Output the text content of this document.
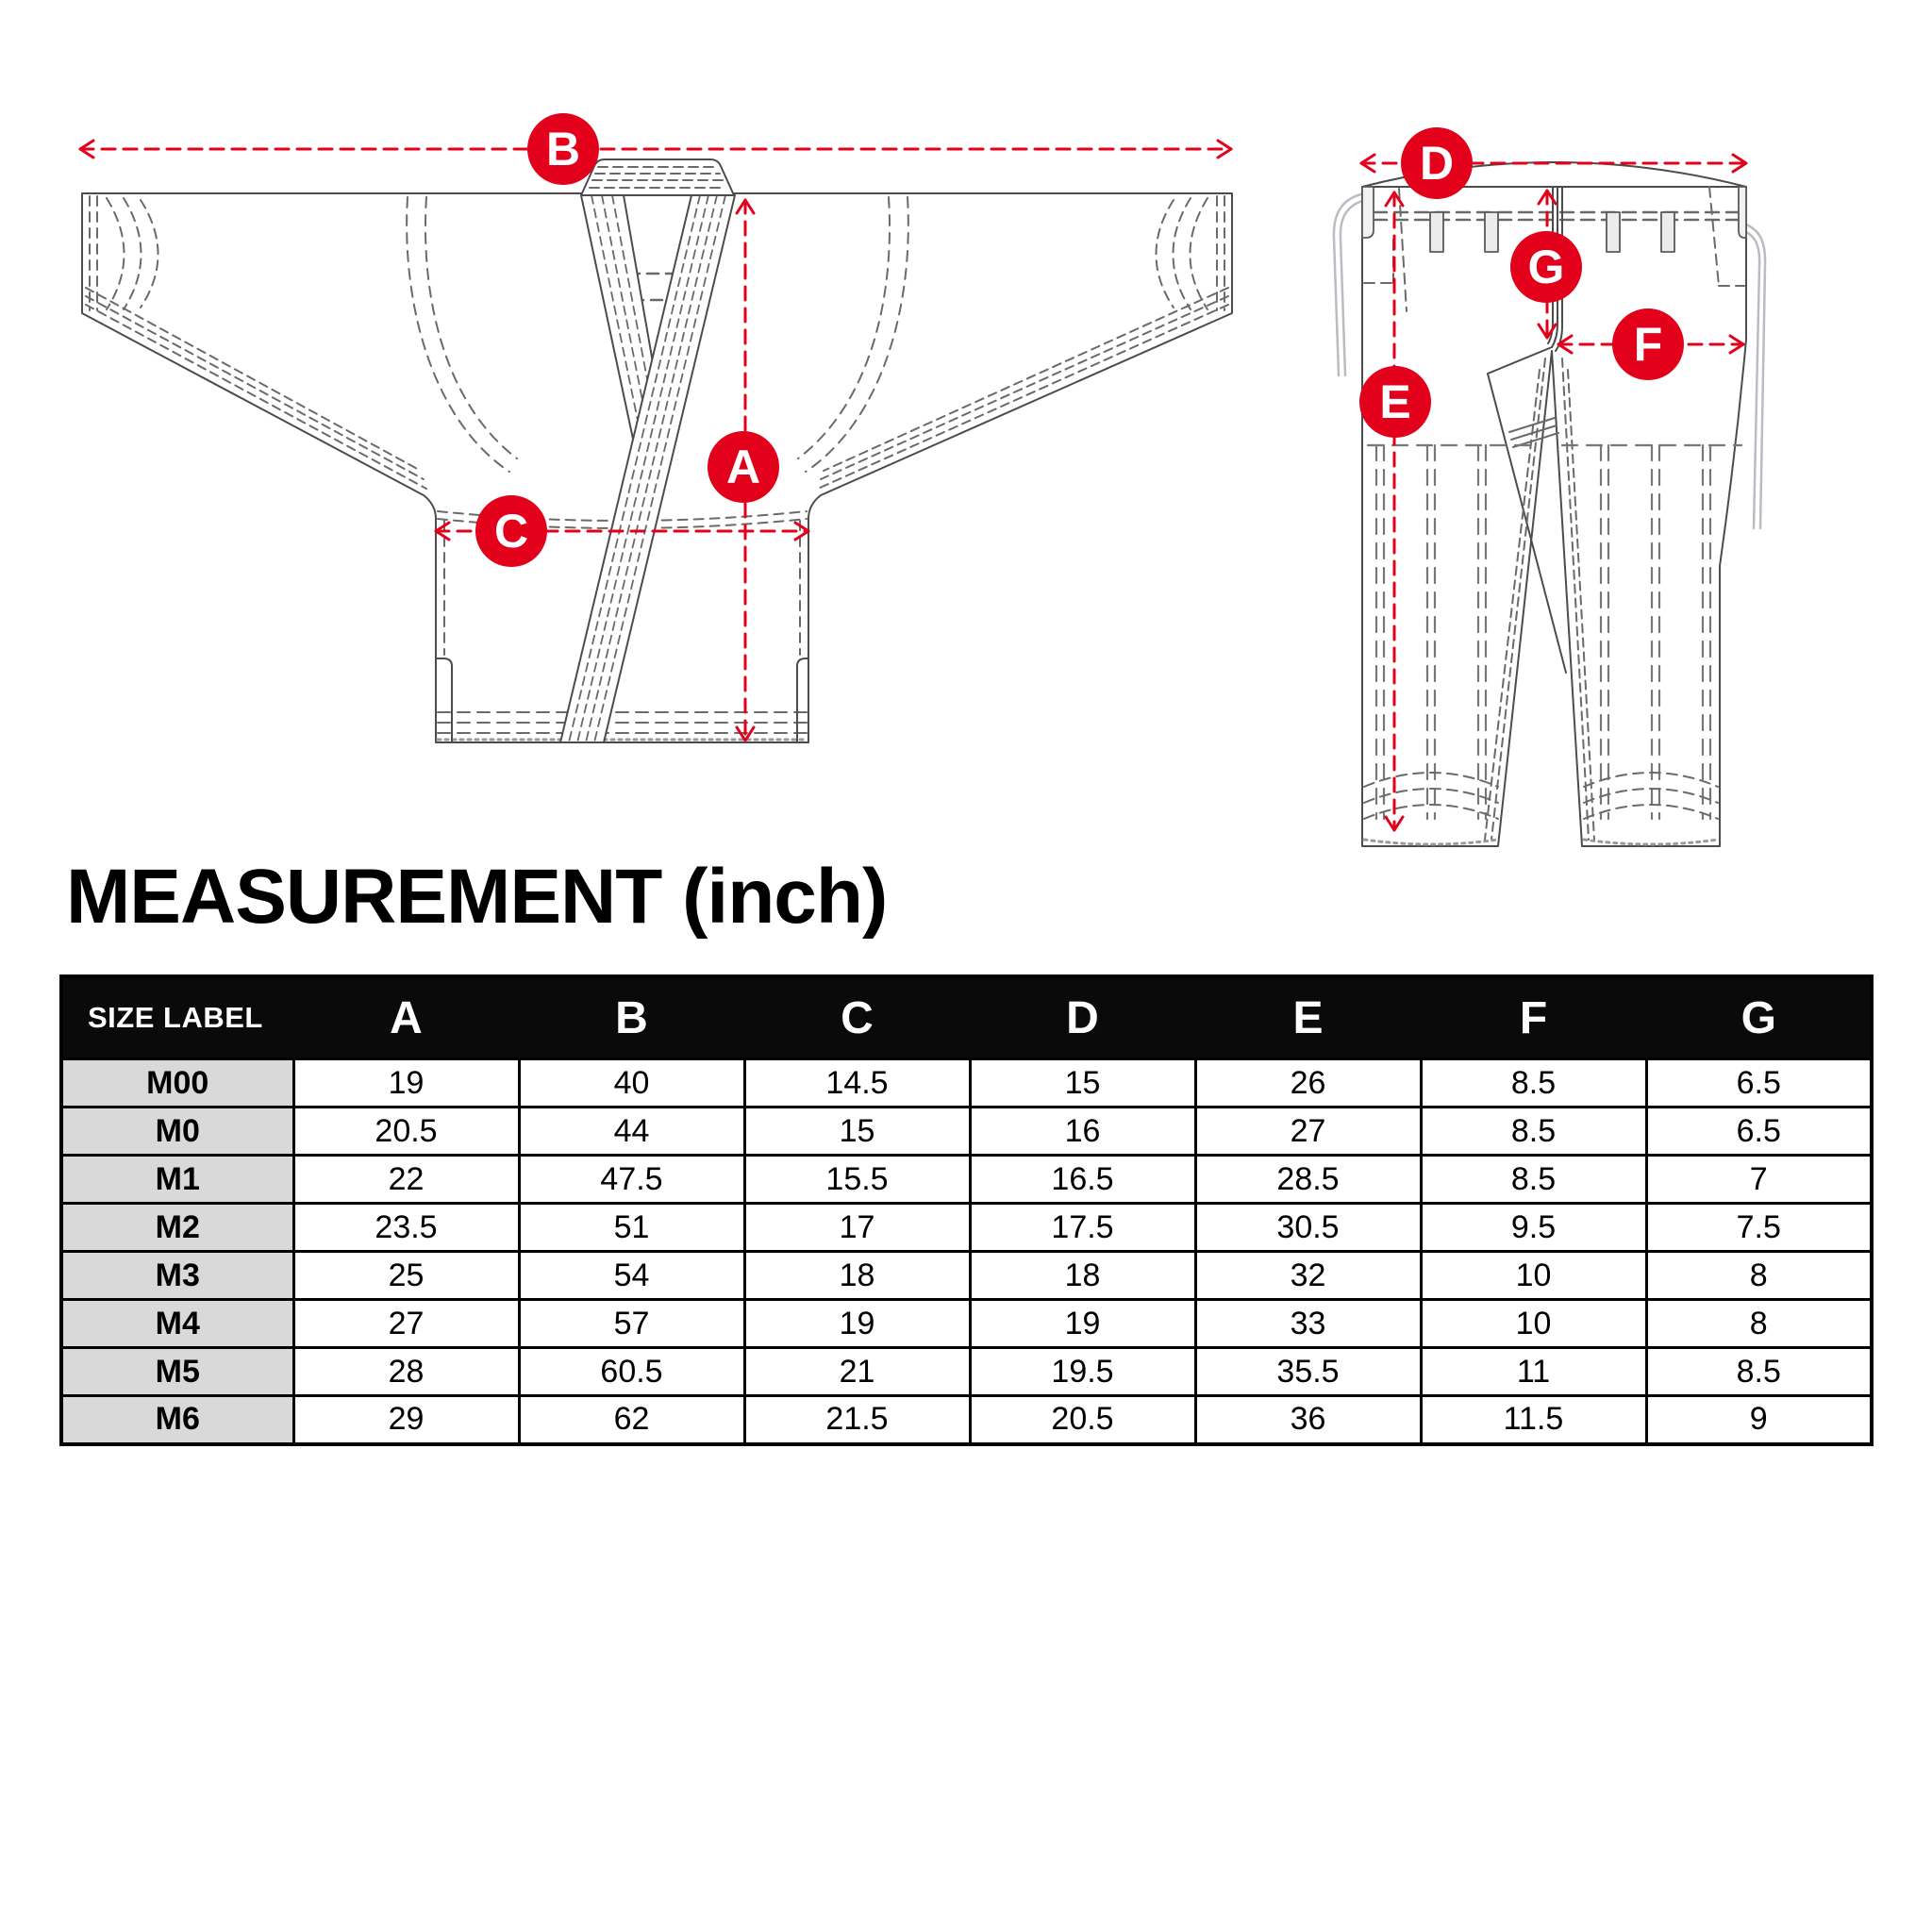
B
A
C
D
E
F
G
MEASUREMENT (inch)
SIZE LABEL	A	B	C	D	E	F	G
M00	19	40	14.5	15	26	8.5	6.5
M0	20.5	44	15	16	27	8.5	6.5
M1	22	47.5	15.5	16.5	28.5	8.5	7
M2	23.5	51	17	17.5	30.5	9.5	7.5
M3	25	54	18	18	32	10	8
M4	27	57	19	19	33	10	8
M5	28	60.5	21	19.5	35.5	11	8.5
M6	29	62	21.5	20.5	36	11.5	9
